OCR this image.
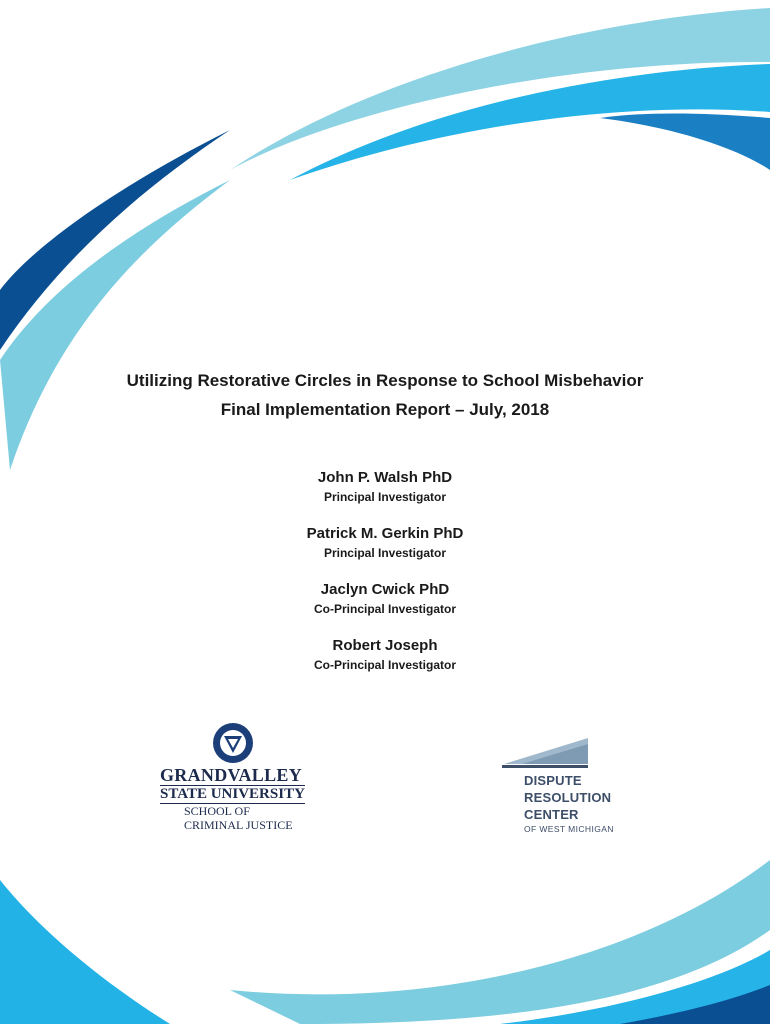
Utilizing Restorative Circles in Response to School Misbehavior
Final Implementation Report – July, 2018
John P. Walsh PhD
Principal Investigator
Patrick M. Gerkin PhD
Principal Investigator
Jaclyn Cwick PhD
Co-Principal Investigator
Robert Joseph
Co-Principal Investigator
GRANDVALLEY
STATE UNIVERSITY
SCHOOL OF
CRIMINAL JUSTICE
DISPUTE
RESOLUTION
CENTER
OF WEST MICHIGAN
